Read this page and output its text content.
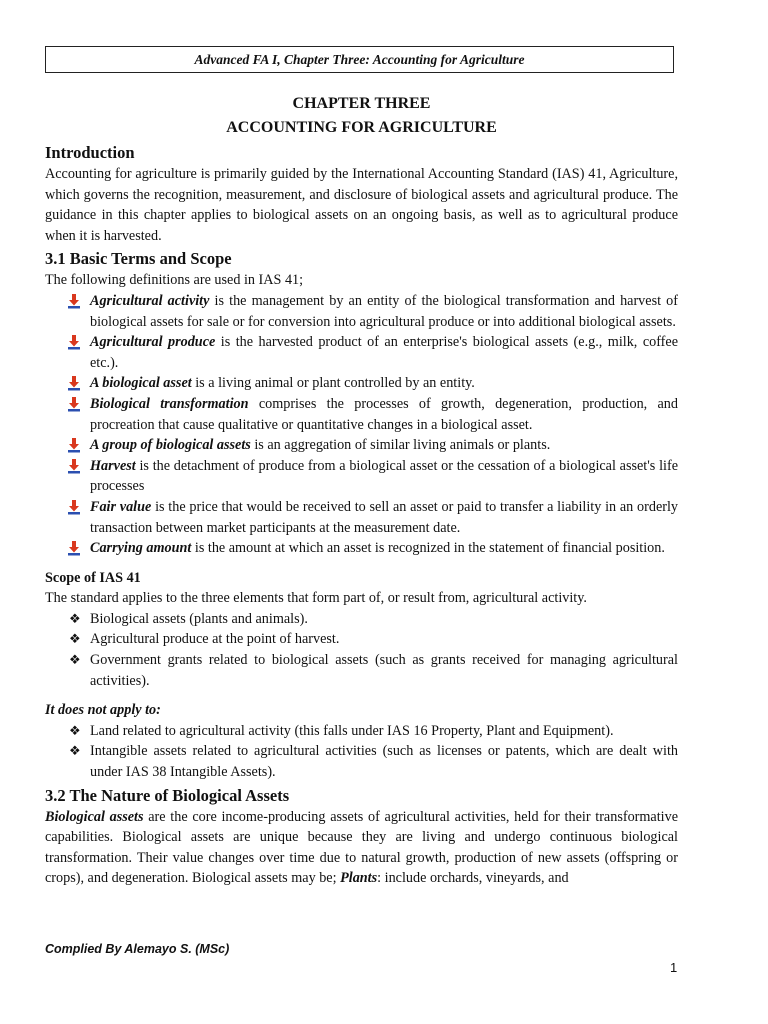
Advanced FA I, Chapter Three: Accounting for Agriculture
CHAPTER THREE
ACCOUNTING FOR AGRICULTURE
Introduction

Accounting for agriculture is primarily guided by the International Accounting Standard (IAS) 41, Agriculture, which governs the recognition, measurement, and disclosure of biological assets and agricultural produce. The guidance in this chapter applies to biological assets on an ongoing basis, as well as to agricultural produce when it is harvested.

3.1 Basic Terms and Scope

The following definitions are used in IAS 41;

Agricultural activity is the management by an entity of the biological transformation and harvest of biological assets for sale or for conversion into agricultural produce or into additional biological assets.
Agricultural produce is the harvested product of an enterprise's biological assets (e.g., milk, coffee etc.).
A biological asset is a living animal or plant controlled by an entity.
Biological transformation comprises the processes of growth, degeneration, production, and procreation that cause qualitative or quantitative changes in a biological asset.
A group of biological assets is an aggregation of similar living animals or plants.
Harvest is the detachment of produce from a biological asset or the cessation of a biological asset's life processes
Fair value is the price that would be received to sell an asset or paid to transfer a liability in an orderly transaction between market participants at the measurement date.
Carrying amount is the amount at which an asset is recognized in the statement of financial position.
Scope of IAS 41

The standard applies to the three elements that form part of, or result from, agricultural activity.

❖ Biological assets (plants and animals).
❖ Agricultural produce at the point of harvest.
❖ Government grants related to biological assets (such as grants received for managing agricultural activities).
It does not apply to:
❖ Land related to agricultural activity (this falls under IAS 16 Property, Plant and Equipment).
❖ Intangible assets related to agricultural activities (such as licenses or patents, which are dealt with under IAS 38 Intangible Assets).
3.2 The Nature of Biological Assets

Biological assets are the core income-producing assets of agricultural activities, held for their transformative capabilities. Biological assets are unique because they are living and undergo continuous biological transformation. Their value changes over time due to natural growth, production of new assets (offspring or crops), and degeneration. Biological assets may be; Plants: include orchards, vineyards, and

Complied By Alemayo S. (MSc)
1
